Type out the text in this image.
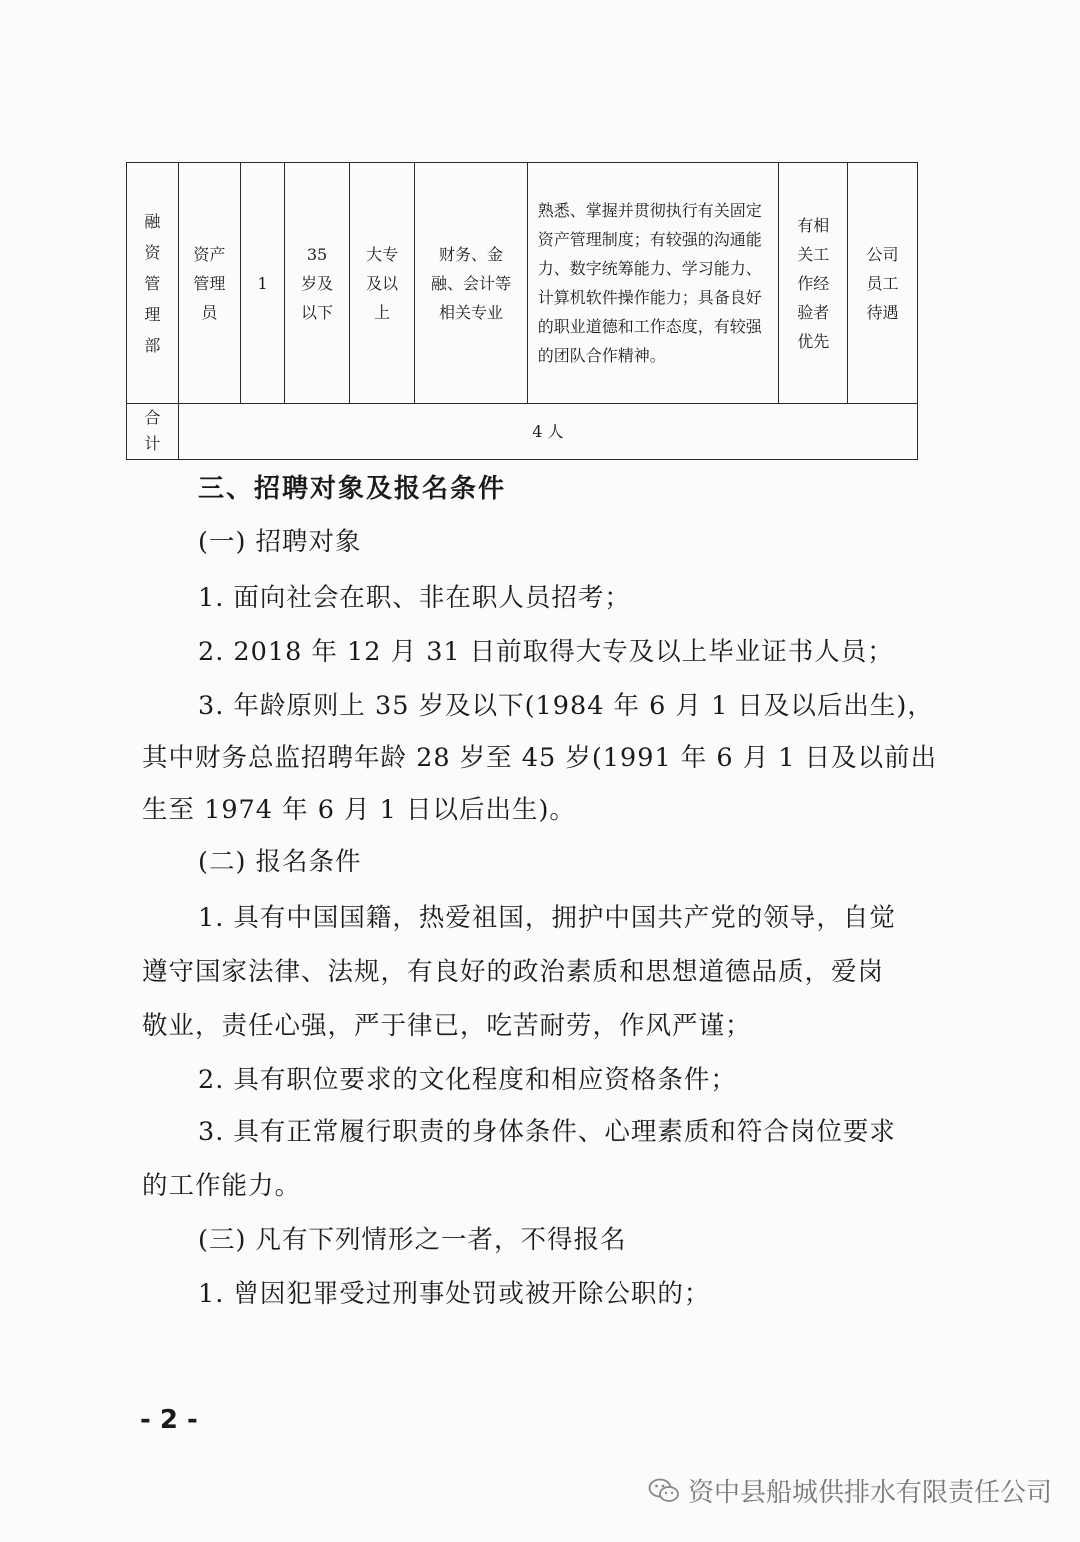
融资管理部	资产管理员	1	35岁及以下	大专及以上	财务、金融、会计等相关专业	熟悉、掌握并贯彻执行有关固定资产管理制度；有较强的沟通能力、数字统筹能力、学习能力、计算机软件操作能力；具备良好的职业道德和工作态度，有较强的团队合作精神。	有相关工作经验者优先	公司员工待遇
合计	4 人							
三、招聘对象及报名条件
(一) 招聘对象
1. 面向社会在职、非在职人员招考；
2. 2018 年 12 月 31 日前取得大专及以上毕业证书人员；
3. 年龄原则上 35 岁及以下(1984 年 6 月 1 日及以后出生)，
其中财务总监招聘年龄 28 岁至 45 岁(1991 年 6 月 1 日及以前出
生至 1974 年 6 月 1 日以后出生)。
(二) 报名条件
1. 具有中国国籍，热爱祖国，拥护中国共产党的领导，自觉
遵守国家法律、法规，有良好的政治素质和思想道德品质，爱岗
敬业，责任心强，严于律已，吃苦耐劳，作风严谨；
2. 具有职位要求的文化程度和相应资格条件；
3. 具有正常履行职责的身体条件、心理素质和符合岗位要求
的工作能力。
(三) 凡有下列情形之一者，不得报名
1. 曾因犯罪受过刑事处罚或被开除公职的；
- 2 -
资中县船城供排水有限责任公司
